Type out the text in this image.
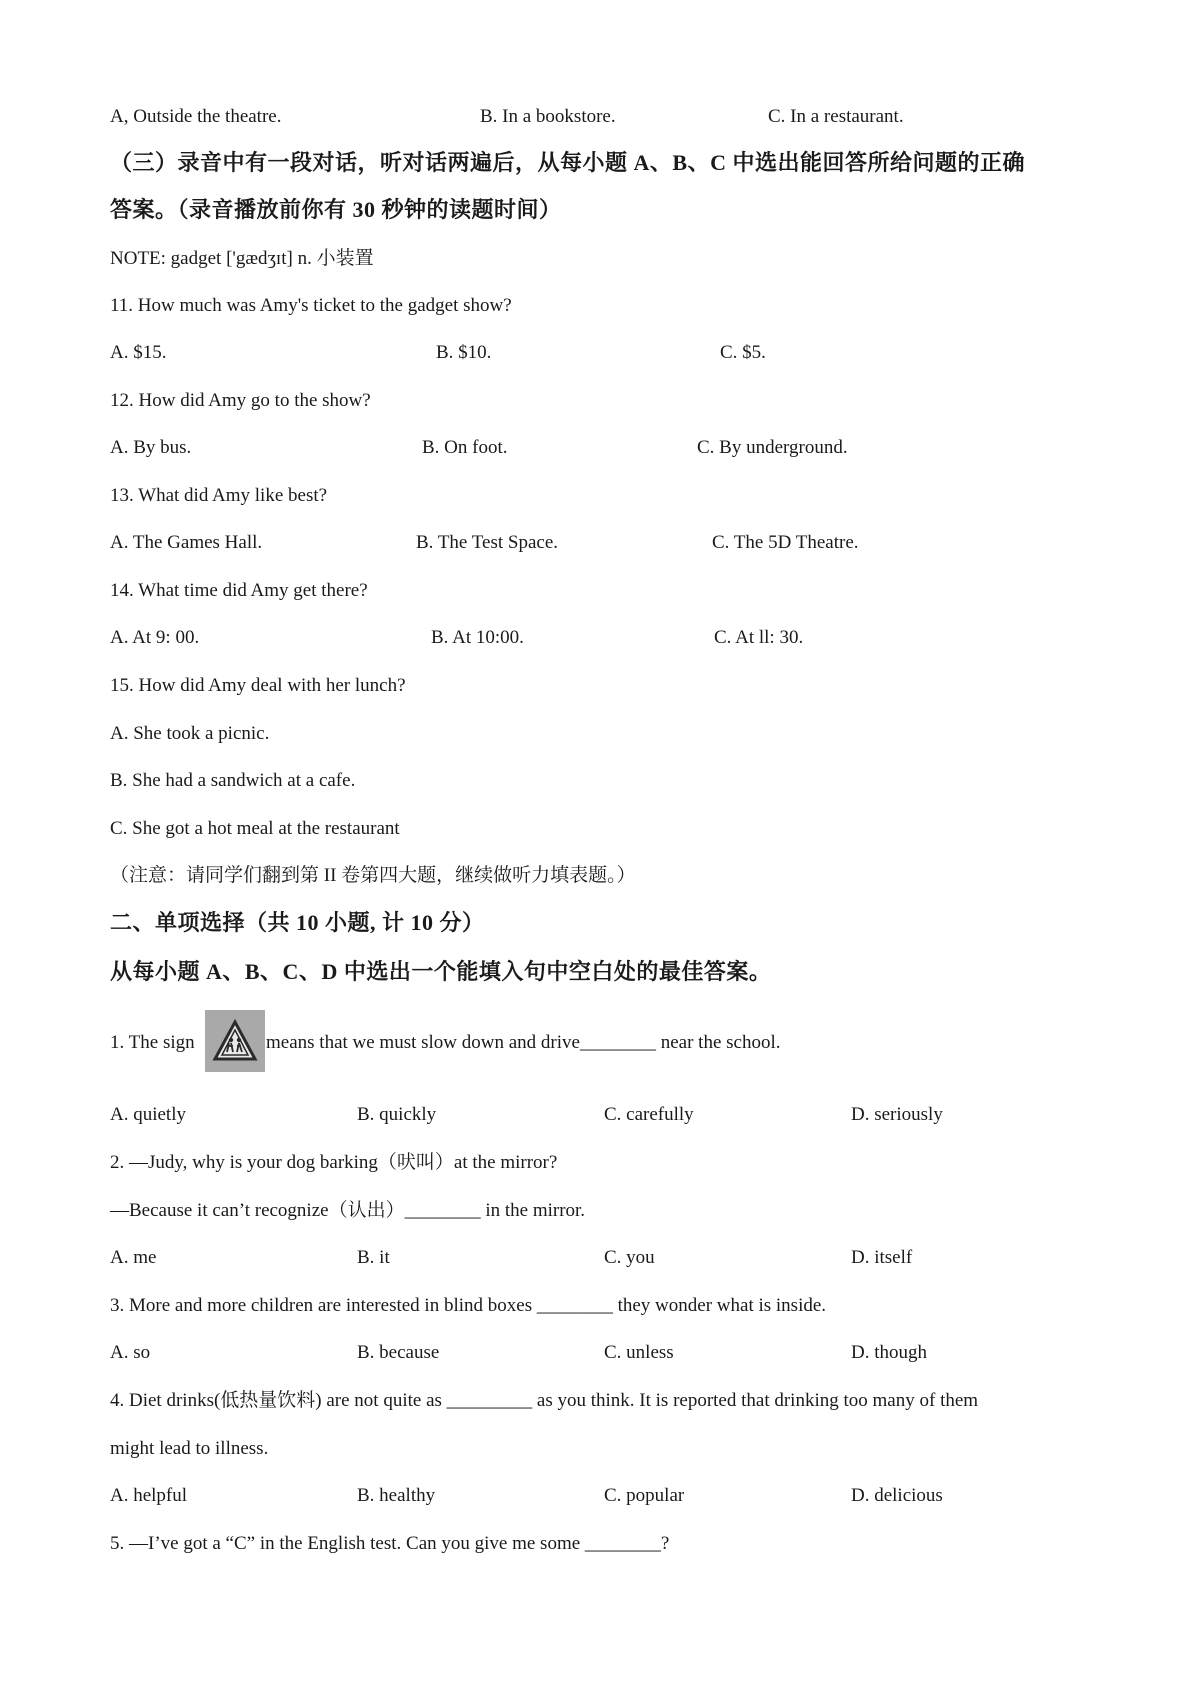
A, Outside the theatre.	B. In a bookstore.	C. In a restaurant.
（三）录音中有一段对话，听对话两遍后，从每小题 A、B、C 中选出能回答所给问题的正确
答案。（录音播放前你有 30 秒钟的读题时间）
NOTE: gadget ['gædʒɪt] n. 小装置
11. How much was Amy's ticket to the gadget show?
A. $15.	B. $10.	C. $5.
12. How did Amy go to the show?
A. By bus.	B. On foot.	C. By underground.
13. What did Amy like best?
A. The Games Hall.	B. The Test Space.	C. The 5D Theatre.
14. What time did Amy get there?
A. At 9: 00.	B. At 10:00.	C. At ll: 30.
15. How did Amy deal with her lunch?
A. She took a picnic.
B. She had a sandwich at a cafe.
C. She got a hot meal at the restaurant
（注意：请同学们翻到第 II 卷第四大题，继续做听力填表题。）
二、单项选择（共 10 小题, 计 10 分）
从每小题 A、B、C、D 中选出一个能填入句中空白处的最佳答案。
1. The sign	means that we must slow down and drive________ near the school.
A. quietly	B. quickly	C. carefully	D. seriously
2. —Judy, why is your dog barking（吠叫）at the mirror?
—Because it can’t recognize（认出）________ in the mirror.
A. me	B. it	C. you	D. itself
3. More and more children are interested in blind boxes ________ they wonder what is inside.
A. so	B. because	C. unless	D. though
4. Diet drinks(低热量饮料) are not quite as _________ as you think. It is reported that drinking too many of them
might lead to illness.
A. helpful	B. healthy	C. popular	D. delicious
5. —I’ve got a “C” in the English test. Can you give me some ________?
